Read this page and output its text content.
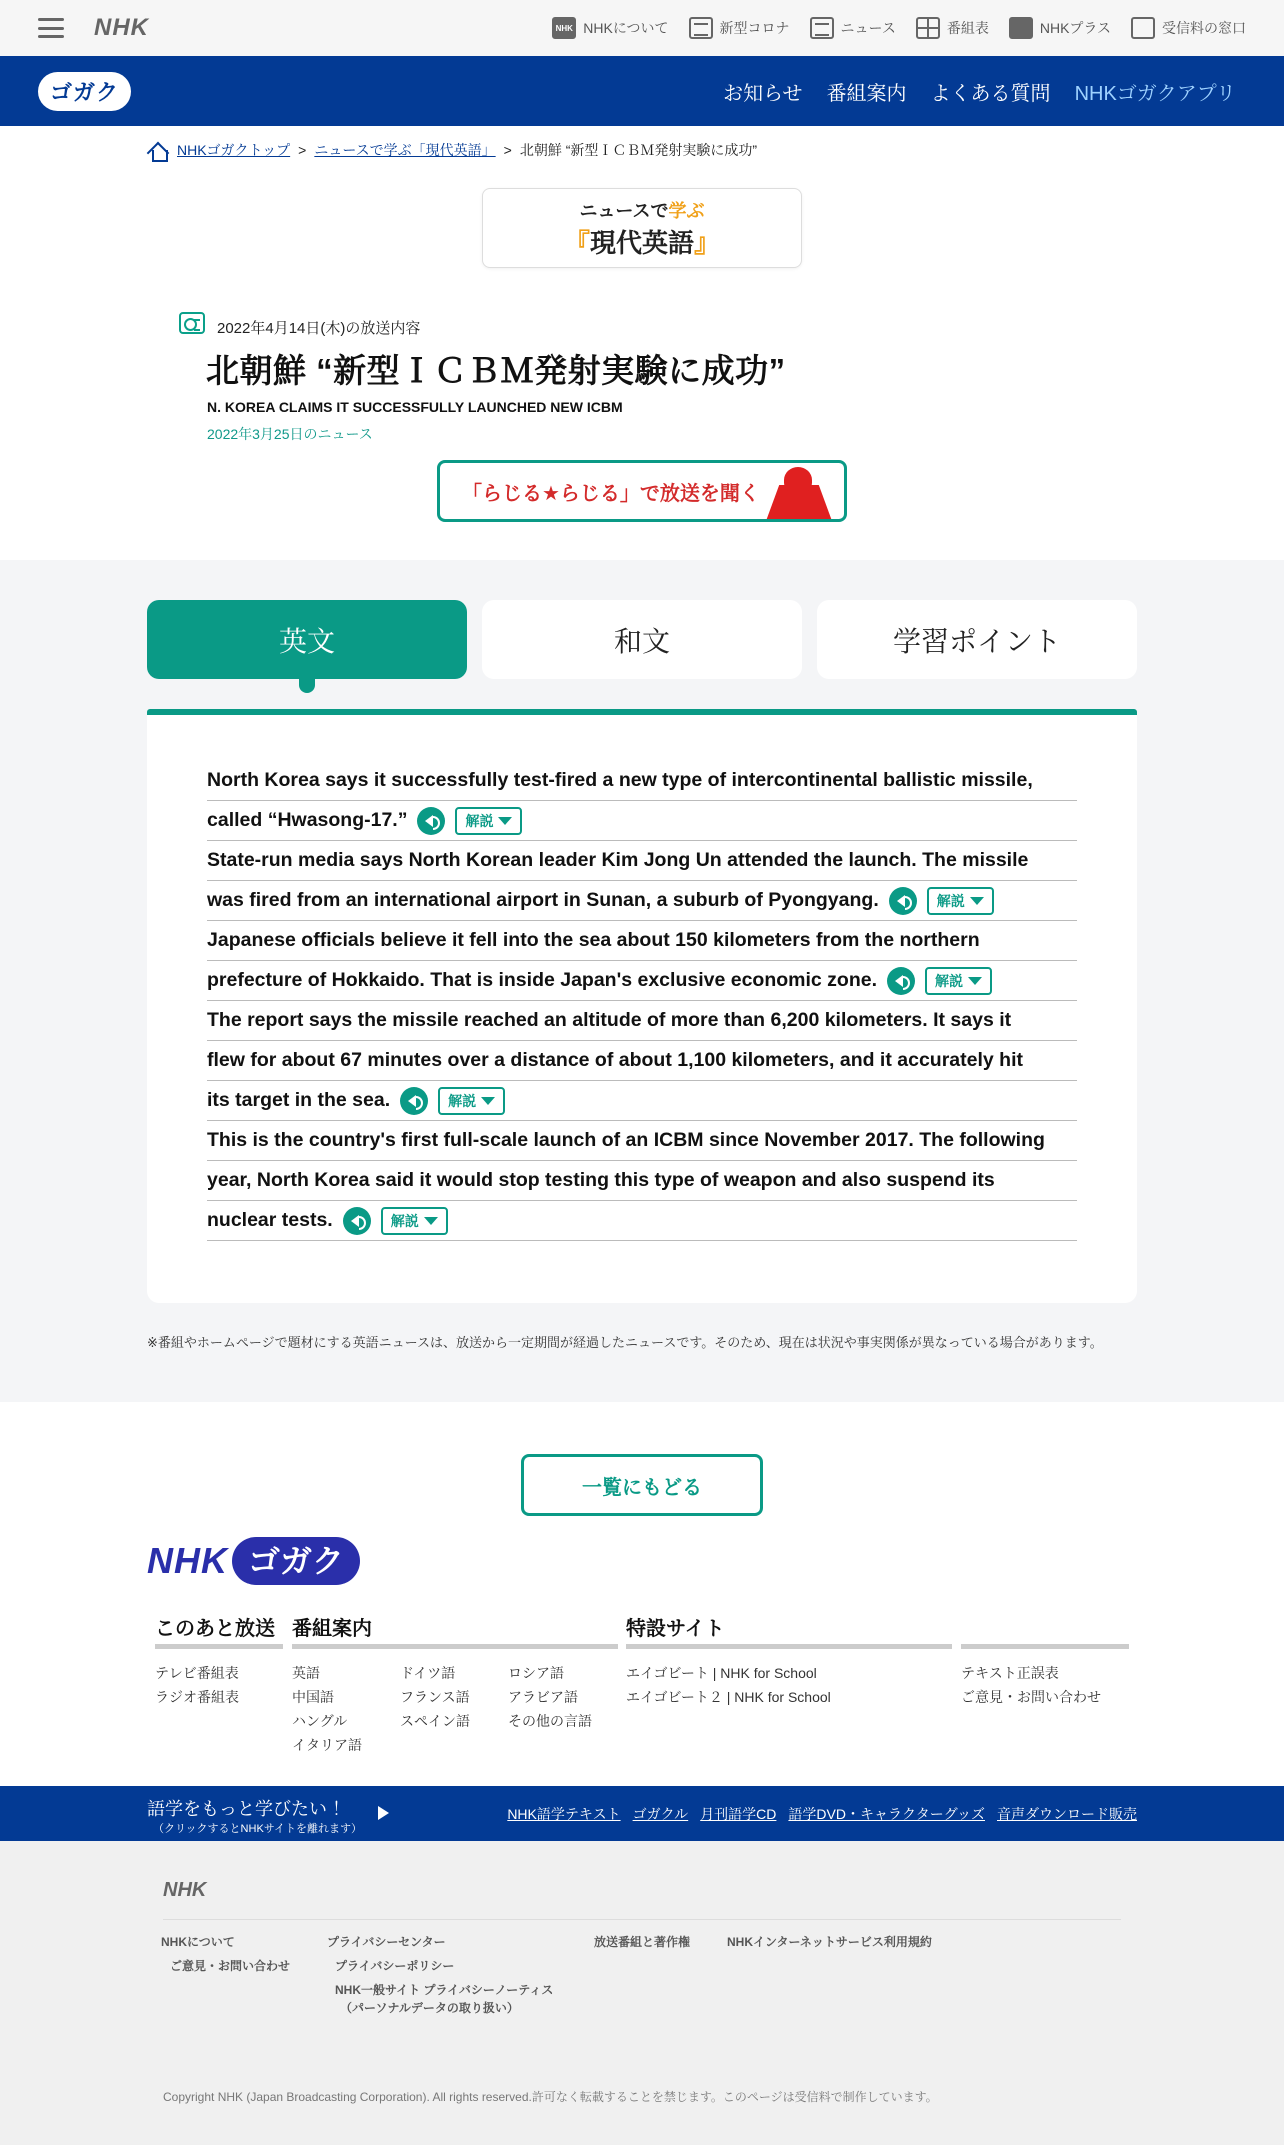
NHK	NHK NHKについて	新型コロナ	ニュース	番組表	NHKプラス	受信料の窓口
ゴガク	お知らせ 番組案内 よくある質問 NHKゴガクアプリ
NHKゴガクトップ > ニュースで学ぶ「現代英語」 > 北朝鮮 “新型ＩＣＢＭ発射実験に成功”
ニュースで学ぶ
『現代英語』
2022年4月14日(木)の放送内容
北朝鮮 “新型ＩＣＢＭ発射実験に成功”
N. KOREA CLAIMS IT SUCCESSFULLY LAUNCHED NEW ICBM
2022年3月25日のニュース
「らじる★らじる」で放送を聞く
英文	和文	学習ポイント
North Korea says it successfully test-fired a new type of intercontinental ballistic missile,
called “Hwasong-17.”	解説
State-run media says North Korean leader Kim Jong Un attended the launch. The missile
was fired from an international airport in Sunan, a suburb of Pyongyang.	解説
Japanese officials believe it fell into the sea about 150 kilometers from the northern
prefecture of Hokkaido. That is inside Japan's exclusive economic zone.	解説
The report says the missile reached an altitude of more than 6,200 kilometers. It says it
flew for about 67 minutes over a distance of about 1,100 kilometers, and it accurately hit
its target in the sea.	解説
This is the country's first full-scale launch of an ICBM since November 2017. The following
year, North Korea said it would stop testing this type of weapon and also suspend its
nuclear tests.	解説
※番組やホームページで題材にする英語ニュースは、放送から一定期間が経過したニュースです。そのため、現在は状況や事実関係が異なっている場合があります。
一覧にもどる
NHK ゴガク
このあと放送
テレビ番組表
ラジオ番組表
番組案内
英語	ドイツ語	ロシア語
中国語	フランス語	アラビア語
ハングル	スペイン語	その他の言語
イタリア語
特設サイト
エイゴビート | NHK for School
エイゴビート２ | NHK for School
テキスト正誤表
ご意見・お問い合わせ
語学をもっと学びたい ！
（クリックするとNHKサイトを離れます）
NHK語学テキスト ゴガクル 月刊語学CD 語学DVD・キャラクターグッズ 音声ダウンロード販売
NHK
NHKについて
ご意見・お問い合わせ
プライバシーセンター
プライバシーポリシー
NHK一般サイト プライバシーノーティス
（パーソナルデータの取り扱い）
放送番組と著作権	NHKインターネットサービス利用規約
Copyright NHK (Japan Broadcasting Corporation). All rights reserved.許可なく転載することを禁じます。このページは受信料で制作しています。
